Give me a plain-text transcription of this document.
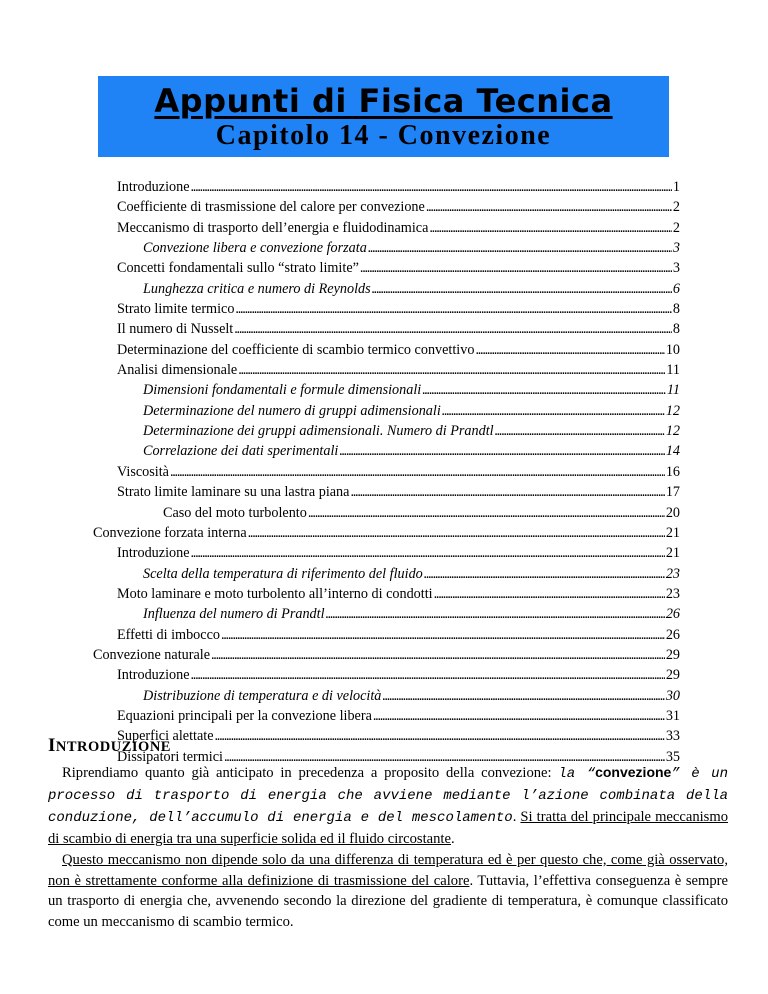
Appunti di Fisica Tecnica
Capitolo 14 - Convezione
Introduzione . . .	1
Coefficiente di trasmissione del calore per convezione . . .	2
Meccanismo di trasporto dell’energia e fluidodinamica . . .	2
Convezione libera e convezione forzata . . .	3
Concetti fondamentali sullo “strato limite” . . .	3
Lunghezza critica e numero di Reynolds . . .	6
Strato limite termico . . .	8
Il numero di Nusselt . . .	8
Determinazione del coefficiente di scambio termico convettivo . . .	10
Analisi dimensionale . . .	11
Dimensioni fondamentali e formule dimensionali . . .	11
Determinazione del numero di gruppi adimensionali . . .	12
Determinazione dei gruppi adimensionali. Numero di Prandtl . . .	12
Correlazione dei dati sperimentali . . .	14
Viscosità . . .	16
Strato limite laminare su una lastra piana . . .	17
Caso del moto turbolento . . .	20
Convezione forzata interna . . .	21
Introduzione . . .	21
Scelta della temperatura di riferimento del fluido . . .	23
Moto laminare e moto turbolento all’interno di condotti . . .	23
Influenza del numero di Prandtl . . .	26
Effetti di imbocco . . .	26
Convezione naturale . . .	29
Introduzione . . .	29
Distribuzione di temperatura e di velocità . . .	30
Equazioni principali per la convezione libera . . .	31
Superfici alettate . . .	33
Dissipatori termici . . .	35
INTRODUZIONE

Riprendiamo quanto già anticipato in precedenza a proposito della convezione: la “convezione” è un processo di trasporto di energia che avviene mediante l’azione combinata della conduzione, dell’accumulo di energia e del mescolamento. Si tratta del principale meccanismo di scambio di energia tra una superficie solida ed il fluido circostante.

Questo meccanismo non dipende solo da una differenza di temperatura ed è per questo che, come già osservato, non è strettamente conforme alla definizione di trasmissione del calore. Tuttavia, l’effettiva conseguenza è sempre un trasporto di energia che, avvenendo secondo la direzione del gradiente di temperatura, è comunque classificato come un meccanismo di scambio termico.
